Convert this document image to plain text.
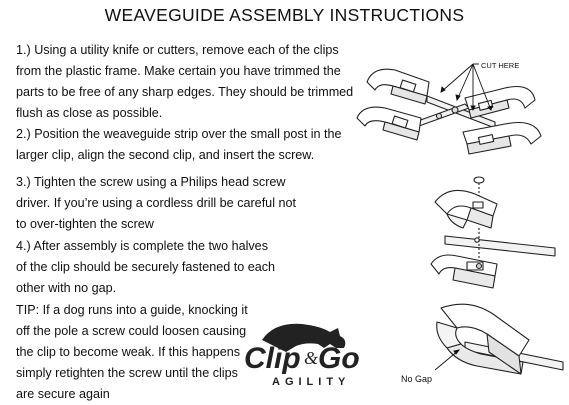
WEAVEGUIDE ASSEMBLY INSTRUCTIONS
1.) Using a utility knife or cutters, remove each of the clips
from the plastic frame. Make certain you have trimmed the
parts to be free of any sharp edges. They should be trimmed
flush as close as possible.
2.) Position the weaveguide strip over the small post in the
larger clip, align the second clip, and insert the screw.
3.) Tighten the screw using a Philips head screw
driver. If you’re using a cordless drill be careful not
to over-tighten the screw
4.) After assembly is complete the two halves
of the clip should be securely fastened to each
other with no gap.
TIP: If a dog runs into a guide, knocking it
off the pole a screw could loosen causing
the clip to become weak. If this happens
simply retighten the screw until the clips
are secure again
CUT HERE
No Gap
Clip & Go
AGILITY
